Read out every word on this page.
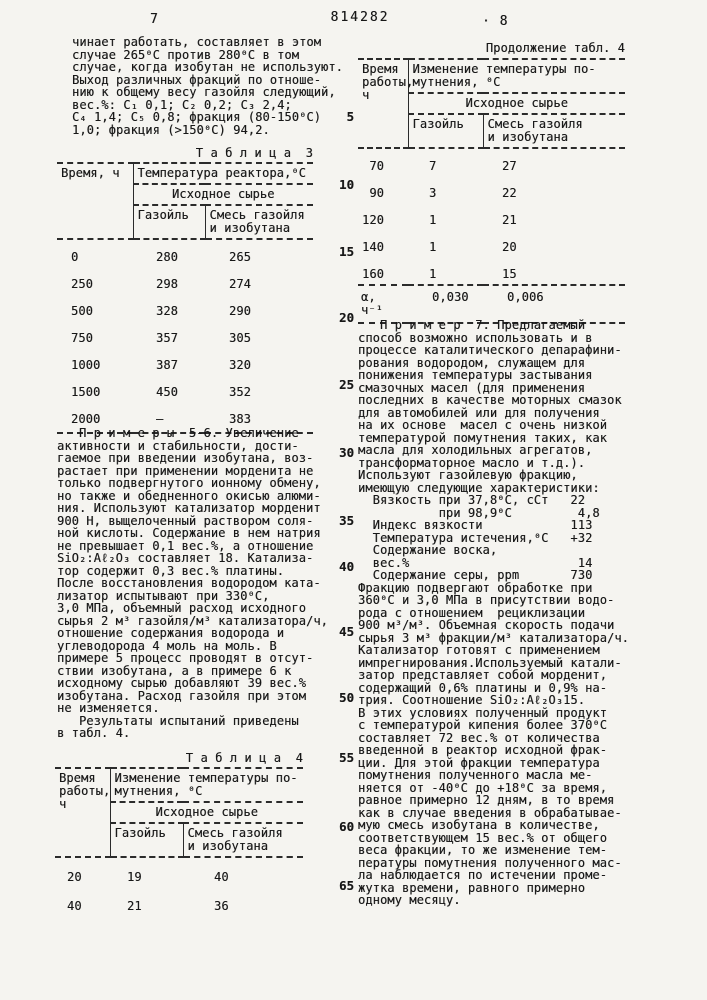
7	814282	· 8
5
10
15
20
25
30
35
40
45
50
55
60
65
чинает работать, составляет в этом
случае 265⁰С против 280⁰С в том
случае, когда изобутан не используют.
Выход различных фракций по отноше-
нию к общему весу газойля следующий,
вес.%: C₁ 0,1; C₂ 0,2; C₃ 2,4;
C₄ 1,4; C₅ 0,8; фракция (80-150⁰С)
1,0; фракция (>150⁰С) 94,2.
Т а б л и ц а  3
Время, ч	Температура реактора,⁰С	
	Исходное сырье	
	Газойль	Смесь газойля
и изобутана
0	280	265
250	298	274
500	328	290
750	357	305
1000	387	320
1500	450	352
2000	–	383
П р и м е р ы  5-6. Увеличение
активности и стабильности, дости-
гаемое при введении изобутана, воз-
растает при применении морденита не
только подвергнутого ионному обмену,
но также и обедненного окисью алюми-
ния. Используют катализатор морденит
900 Н, выщелоченный раствором соля-
ной кислоты. Содержание в нем натрия
не превышает 0,1 вес.%, а отношение
SiO₂:Aℓ₂O₃ составляет 18. Катализа-
тор содержит 0,3 вес.% платины.
После восстановления водородом ката-
лизатор испытывают при 330⁰С,
3,0 МПа, объемный расход исходного
сырья 2 м³ газойля/м³ катализатора/ч,
отношение содержания водорода и
углеводорода 4 моль на моль. В
примере 5 процесс проводят в отсут-
ствии изобутана, а в примере 6 к
исходному сырью добавляют 39 вес.%
изобутана. Расход газойля при этом
не изменяется.
Результаты испытаний приведены
в табл. 4.
Т а б л и ц а  4
Время
работы,
ч	Изменение температуры по-
мутнения, ⁰С	
	Исходное сырье	
	Газойль	Смесь газойля
и изобутана
20	19	40
40	21	36
Продолжение табл. 4
Время
работы,
ч	Изменение температуры по-
мутнения, ⁰С	
	Исходное сырье	
	Газойль	Смесь газойля
и изобутана
70	7	27
90	3	22
120	1	21
140	1	20
160	1	15
α, ч⁻¹	0,030	0,006
П р и м е р  7. Предлагаемый
способ возможно использовать и в
процессе каталитического депарафини-
рования водородом, служащем для
понижения температуры застывания
смазочных масел (для применения
последних в качестве моторных смазок
для автомобилей или для получения
на их основе  масел с очень низкой
температурой помутнения таких, как
масла для холодильных агрегатов,
трансформаторное масло и т.д.).
Используют газойлевую фракцию,
имеющую следующие характеристики:
Вязкость при 37,8⁰С, сСт   22
при 98,9⁰С         4,8
Индекс вязкости            113
Температура истечения,⁰С   +32
Содержание воска,
вес.%                       14
Содержание серы, ppm       730
Фракцию подвергают обработке при
360⁰С и 3,0 МПа в присутствии водо-
рода с отношением  рециклизации
900 м³/м³. Объемная скорость подачи
сырья 3 м³ фракции/м³ катализатора/ч.
Катализатор готовят с применением
импрегнирования.Используемый катали-
затор представляет собой морденит,
содержащий 0,6% платины и 0,9% на-
трия. Соотношение SiO₂:Aℓ₂O₃15.
В этих условиях полученный продукт
с температурой кипения более 370⁰С
составляет 72 вес.% от количества
введенной в реактор исходной фрак-
ции. Для этой фракции температура
помутнения полученного масла ме-
няется от -40⁰С до +18⁰С за время,
равное примерно 12 дням, в то время
как в случае введения в обрабатывае-
мую смесь изобутана в количестве,
соответствующем 15 вес.% от общего
веса фракции, то же изменение тем-
пературы помутнения полученного мас-
ла наблюдается по истечении проме-
жутка времени, равного примерно
одному месяцу.
